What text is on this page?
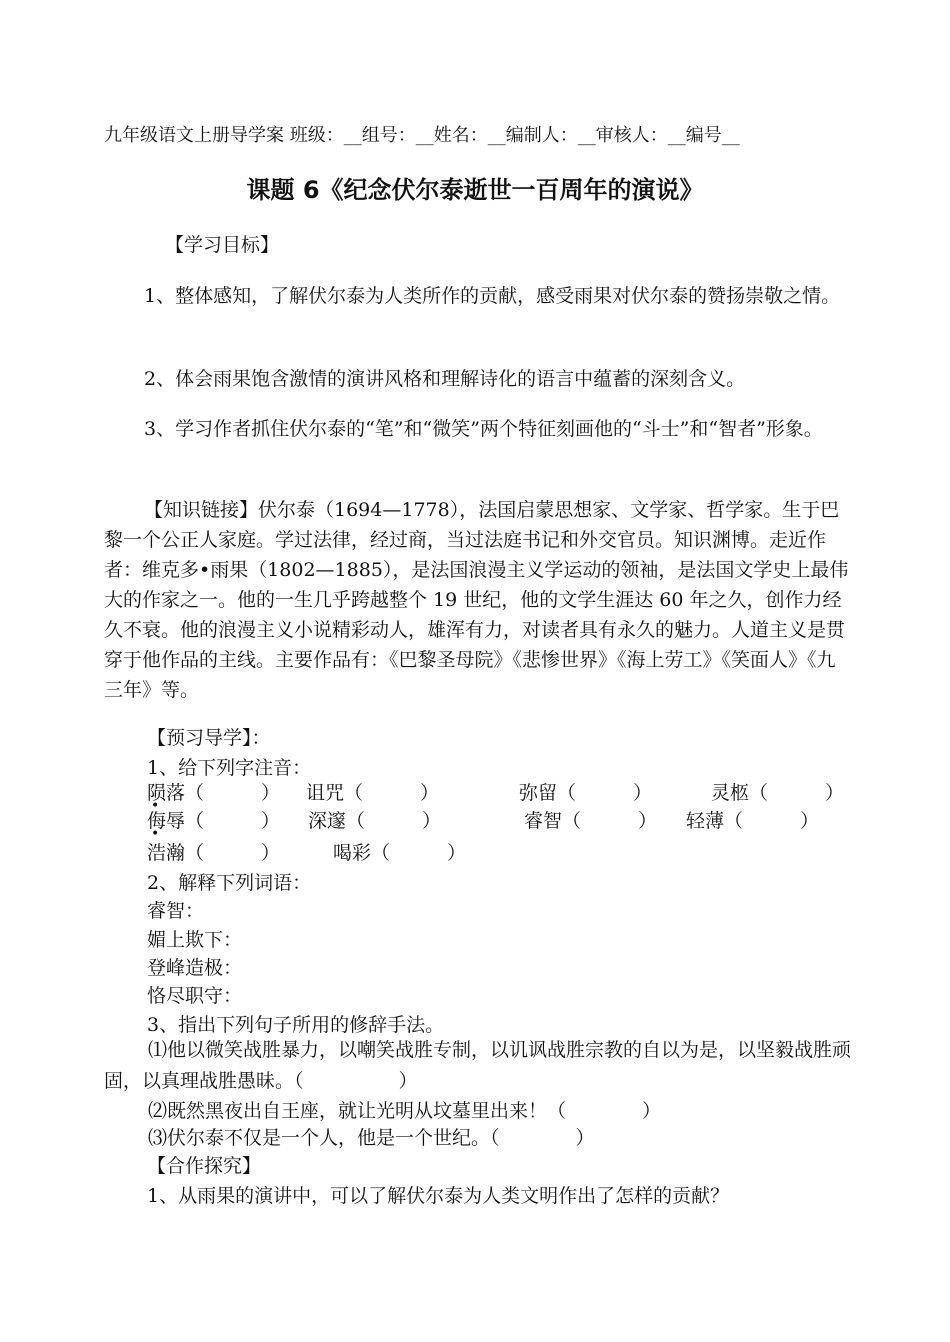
九年级语文上册导学案 班级：__组号：__姓名：__编制人：__审核人：__编号__
课题 6《纪念伏尔泰逝世一百周年的演说》
【学习目标】
1、整体感知，了解伏尔泰为人类所作的贡献，感受雨果对伏尔泰的赞扬崇敬之情。
2、体会雨果饱含激情的演讲风格和理解诗化的语言中蕴蓄的深刻含义。
3、学习作者抓住伏尔泰的“笔”和“微笑”两个特征刻画他的“斗士”和“智者”形象。
【知识链接】伏尔泰（1694—1778），法国启蒙思想家、文学家、哲学家。生于巴黎一个公正人家庭。学过法律，经过商，当过法庭书记和外交官员。知识渊博。走近作者：维克多•雨果（1802—1885），是法国浪漫主义学运动的领袖，是法国文学史上最伟大的作家之一。他的一生几乎跨越整个 19 世纪，他的文学生涯达 60 年之久，创作力经久不衰。他的浪漫主义小说精彩动人，雄浑有力，对读者具有永久的魅力。人道主义是贯穿于他作品的主线。主要作品有：《巴黎圣母院》《悲惨世界》《海上劳工》《笑面人》《九三年》等。
【预习导学】：
1、给下列字注音：
陨落（　　　） • 诅咒（　　　）	弥留（　　　）	灵柩（　　　）
侮辱（　　　） • 深邃（　　　）	睿智（　　　） 轻薄（　　　）
浩瀚（　　　）	喝彩（　　　）
2、解释下列词语：
睿智：
媚上欺下：
登峰造极：
恪尽职守：
3、指出下列句子所用的修辞手法。
⑴他以微笑战胜暴力，以嘲笑战胜专制，以讥讽战胜宗教的自以为是，以坚毅战胜顽固，以真理战胜愚昧。（　　　　　）
⑵既然黑夜出自王座，就让光明从坟墓里出来！（　　　　）
⑶伏尔泰不仅是一个人，他是一个世纪。（　　　　）
【合作探究】
1、从雨果的演讲中，可以了解伏尔泰为人类文明作出了怎样的贡献？
